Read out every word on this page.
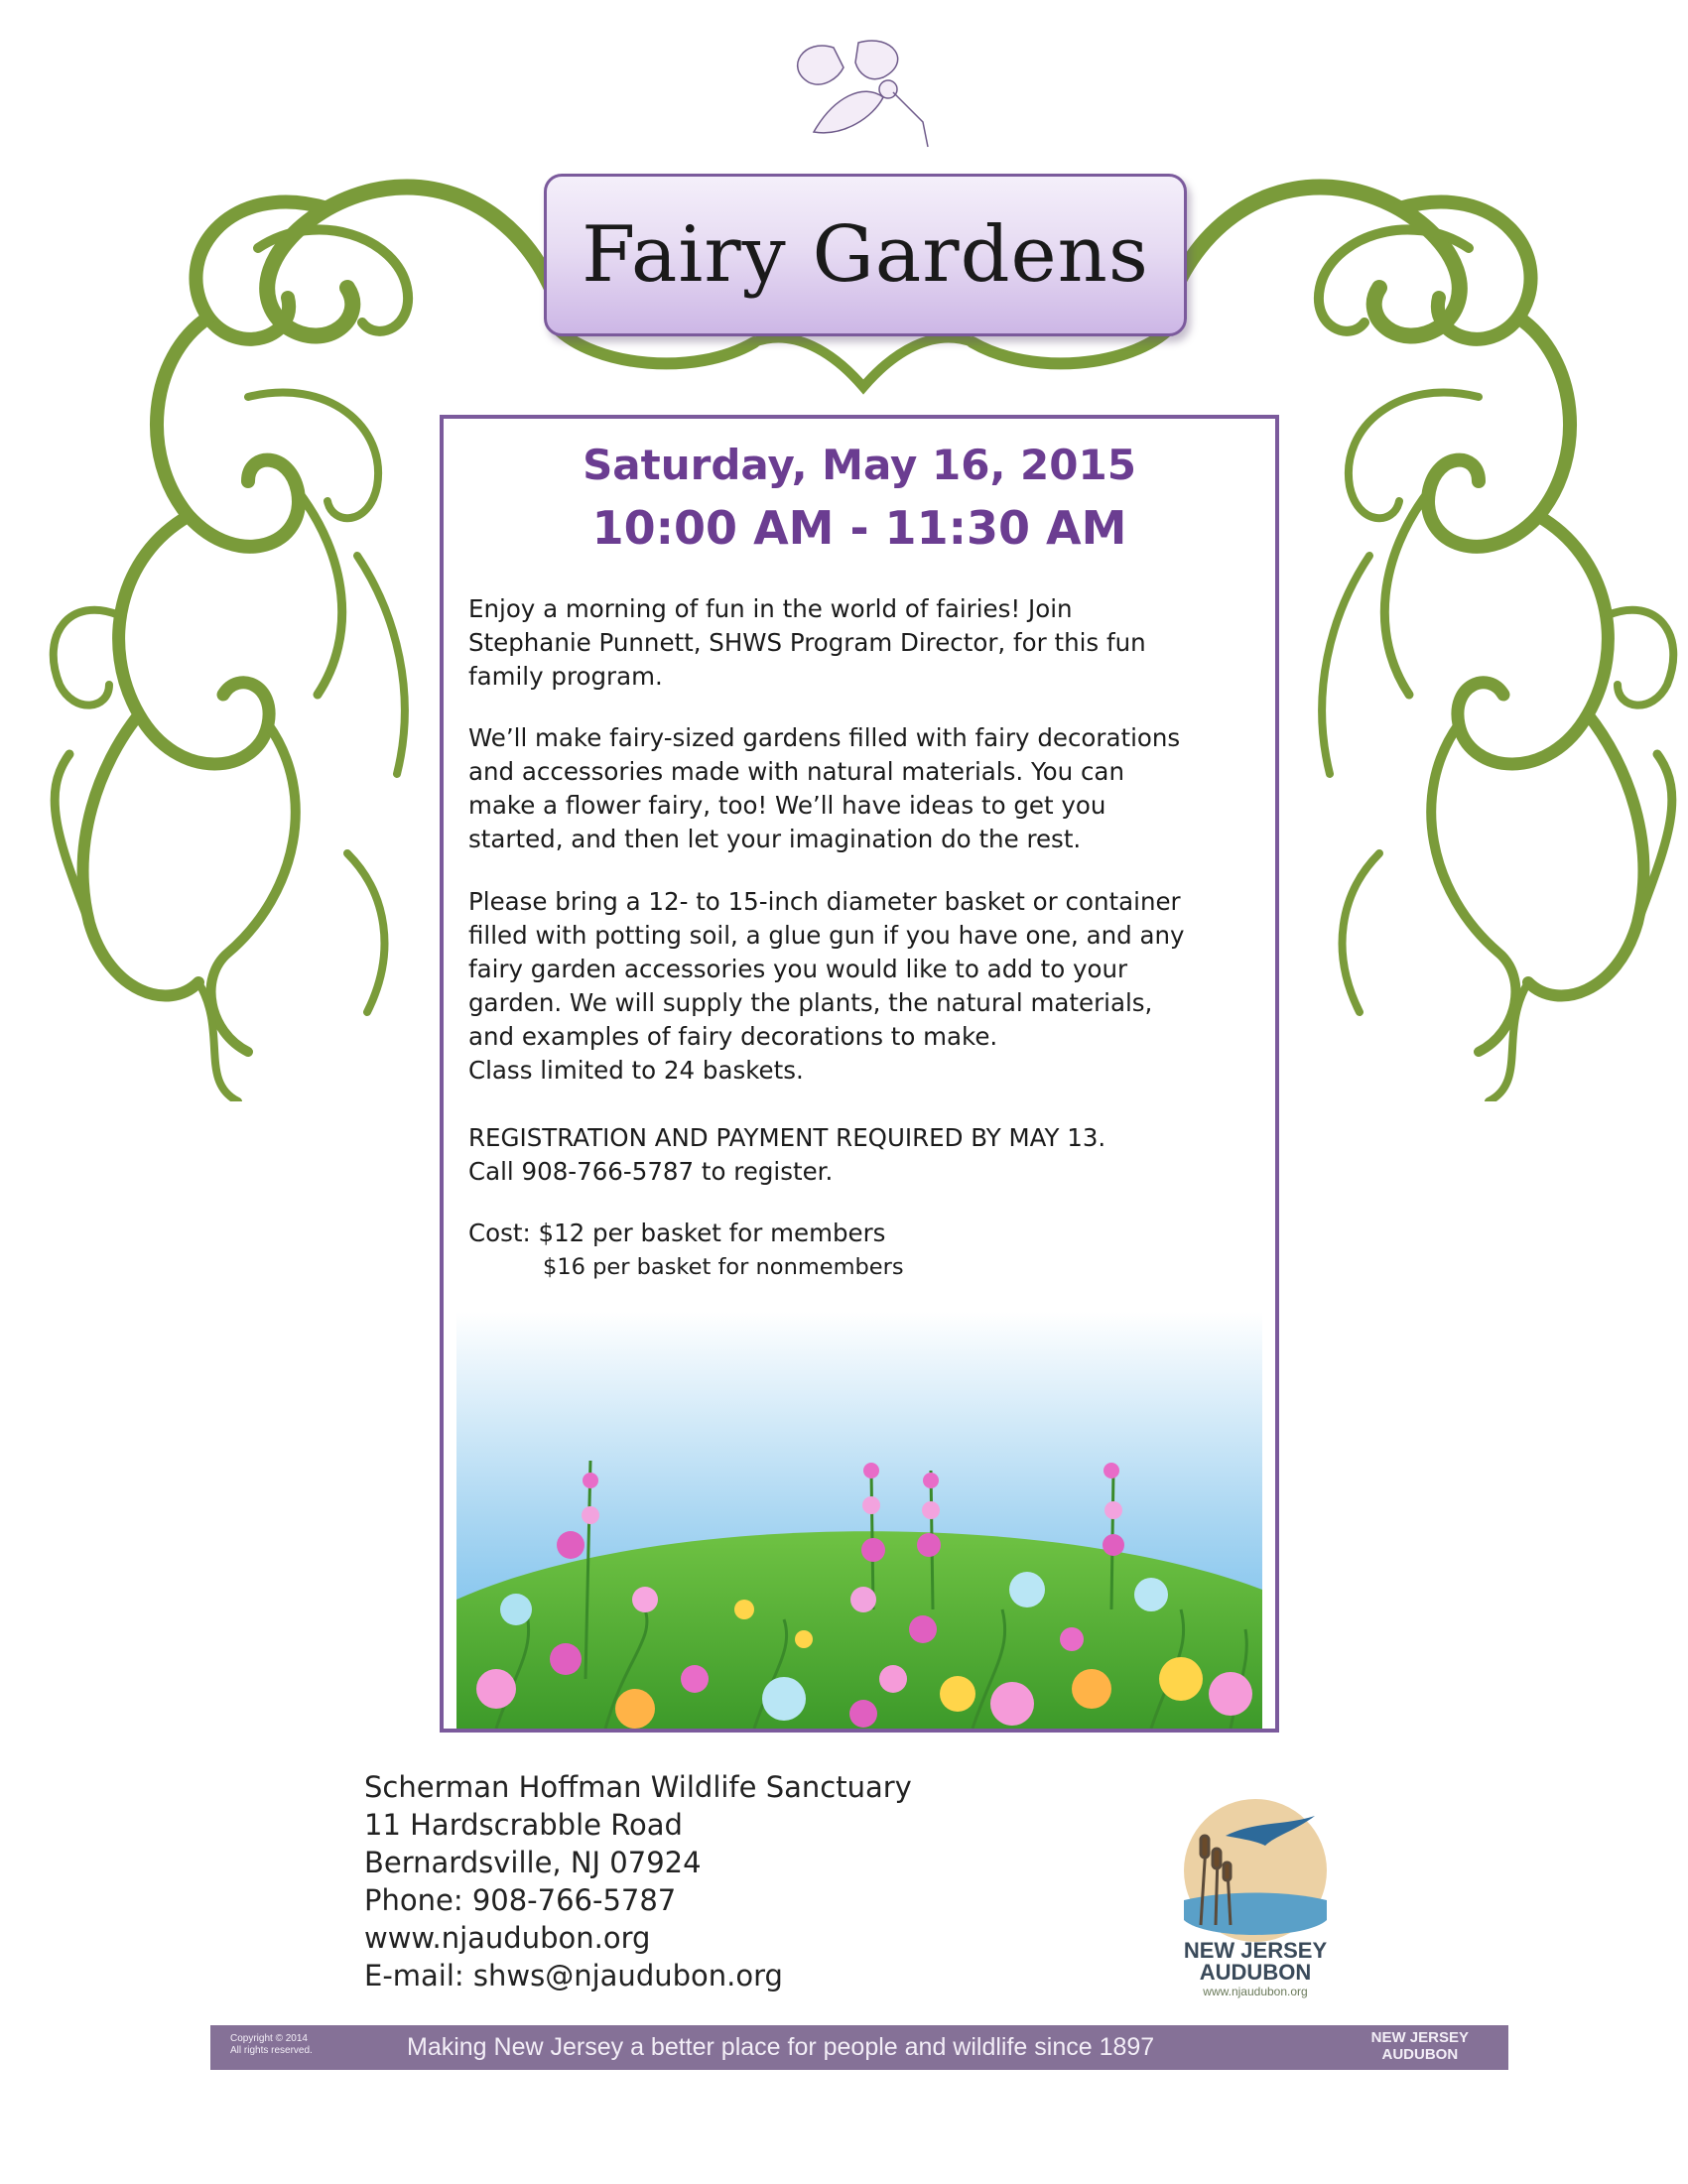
Fairy Gardens
Saturday, May 16, 2015
10:00 AM - 11:30 AM
Enjoy a morning of fun in the world of fairies! Join
Stephanie Punnett, SHWS Program Director, for this fun
family program.
We’ll make fairy-sized gardens filled with fairy decorations
and accessories made with natural materials. You can
make a flower fairy, too! We’ll have ideas to get you
started, and then let your imagination do the rest.
Please bring a 12- to 15-inch diameter basket or container
filled with potting soil, a glue gun if you have one, and any
fairy garden accessories you would like to add to your
garden. We will supply the plants, the natural materials,
and examples of fairy decorations to make.
Class limited to 24 baskets.
REGISTRATION AND PAYMENT REQUIRED BY MAY 13.
Call 908-766-5787 to register.
Cost: $12 per basket for members
$16 per basket for nonmembers
Scherman Hoffman Wildlife Sanctuary
11 Hardscrabble Road
Bernardsville, NJ 07924
Phone: 908-766-5787
www.njaudubon.org
E-mail: shws@njaudubon.org
NEW JERSEY
AUDUBON
www.njaudubon.org
Copyright © 2014
All rights reserved.	Making New Jersey a better place for people and wildlife since 1897	NEW JERSEY
AUDUBON
